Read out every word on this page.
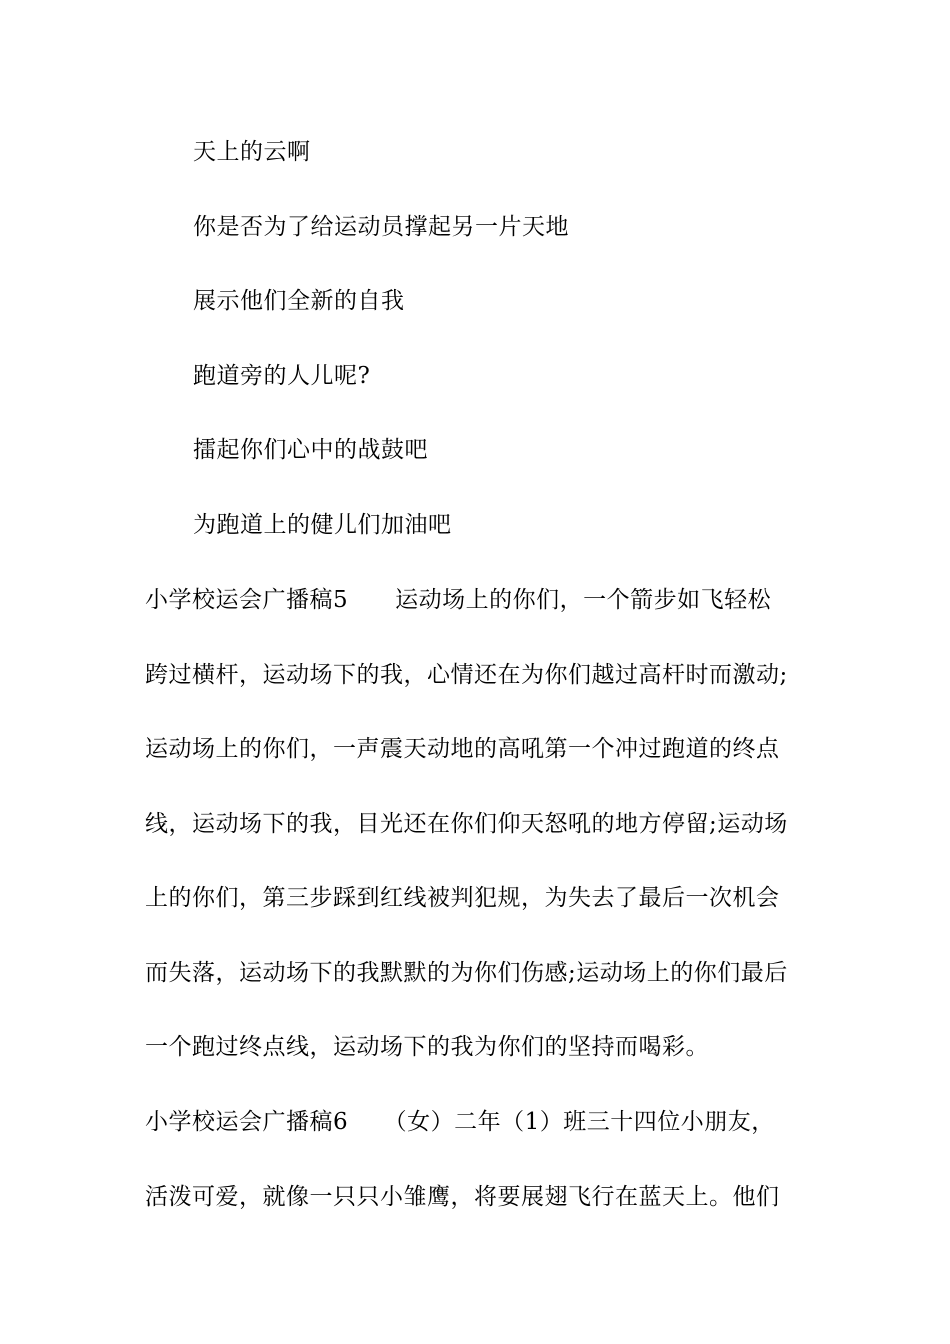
天上的云啊
你是否为了给运动员撑起另一片天地
展示他们全新的自我
跑道旁的人儿呢?
擂起你们心中的战鼓吧
为跑道上的健儿们加油吧
小学校运会广播稿5　　运动场上的你们，一个箭步如飞轻松
跨过横杆，运动场下的我，心情还在为你们越过高杆时而激动;
运动场上的你们，一声震天动地的高吼第一个冲过跑道的终点
线，运动场下的我，目光还在你们仰天怒吼的地方停留;运动场
上的你们，第三步踩到红线被判犯规，为失去了最后一次机会
而失落，运动场下的我默默的为你们伤感;运动场上的你们最后
一个跑过终点线，运动场下的我为你们的坚持而喝彩。
小学校运会广播稿6　　（女）二年（1）班三十四位小朋友，
活泼可爱，就像一只只小雏鹰，将要展翅飞行在蓝天上。他们
